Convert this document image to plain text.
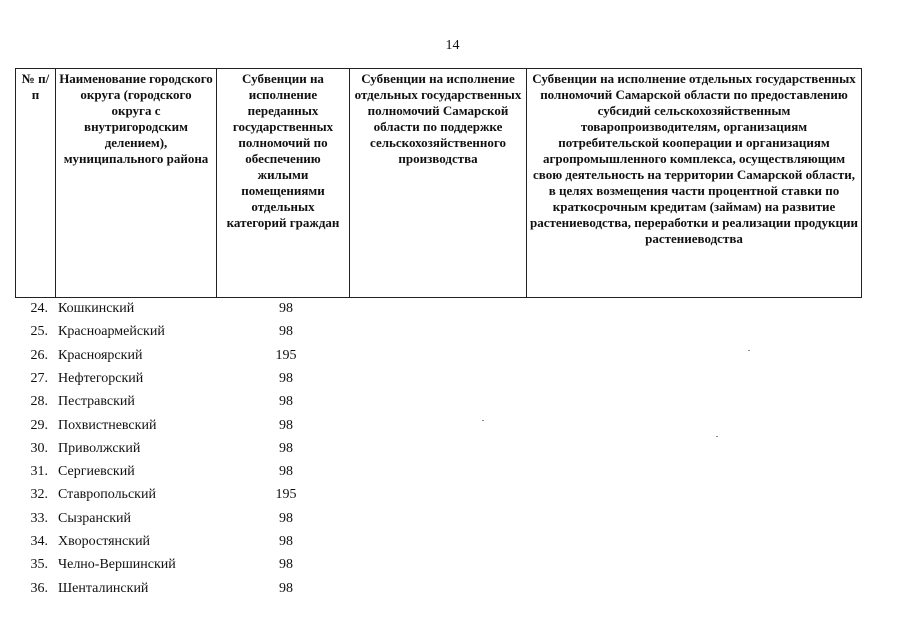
14
№ п/п	Наименование городского округа (городского округа с внутригородским делением), муниципального района	Субвенции на исполнение переданных государственных полномочий по обеспечению жилыми помещениями отдельных категорий граждан	Субвенции на исполнение отдельных государственных полномочий Самарской области по поддержке сельскохозяйственного производства	Субвенции на исполнение отдельных государственных полномочий Самарской области по предоставлению субсидий сельскохозяйственным товаропроизводителям, организациям потребительской кооперации и организациям агропромышленного комплекса, осуществляющим свою деятельность на территории Самарской области, в целях возмещения части процентной ставки по краткосрочным кредитам (займам) на развитие растениеводства, переработки и реализации продукции растениеводства
24. Кошкинский	98
25. Красноармейский	98
26. Красноярский	195
27. Нефтегорский	98
28. Пестравский	98
29. Похвистневский	98
30. Приволжский	98
31. Сергиевский	98
32. Ставропольский	195
33. Сызранский	98
34. Хворостянский	98
35. Челно-Вершинский	98
36. Шенталинский	98
